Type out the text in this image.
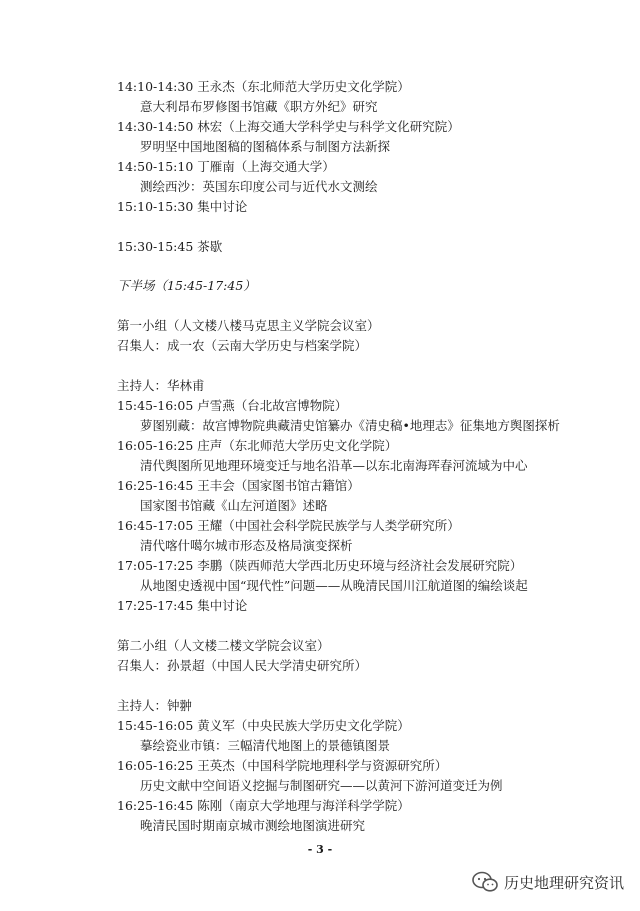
14:10-14:30 王永杰（东北师范大学历史文化学院）
意大利昂布罗修图书馆藏《职方外纪》研究
14:30-14:50 林宏（上海交通大学科学史与科学文化研究院）
罗明坚中国地图稿的图稿体系与制图方法新探
14:50-15:10 丁雁南（上海交通大学）
测绘西沙：英国东印度公司与近代水文测绘
15:10-15:30 集中讨论
15:30-15:45 茶歇
下半场（15:45-17:45）
第一小组（人文楼八楼马克思主义学院会议室）
召集人：成一农（云南大学历史与档案学院）
主持人：华林甫
15:45-16:05 卢雪燕（台北故宫博物院）
萝图别藏：故宫博物院典藏清史馆纂办《清史稿•地理志》征集地方舆图探析
16:05-16:25 庄声（东北师范大学历史文化学院）
清代舆图所见地理环境变迁与地名沿革—以东北南海珲春河流域为中心
16:25-16:45 王丰会（国家图书馆古籍馆）
国家图书馆藏《山左河道图》述略
16:45-17:05 王耀（中国社会科学院民族学与人类学研究所）
清代喀什噶尔城市形态及格局演变探析
17:05-17:25 李鹏（陕西师范大学西北历史环境与经济社会发展研究院）
从地图史透视中国“现代性”问题——从晚清民国川江航道图的编绘谈起
17:25-17:45 集中讨论
第二小组（人文楼二楼文学院会议室）
召集人：孙景超（中国人民大学清史研究所）
主持人：钟翀
15:45-16:05 黄义军（中央民族大学历史文化学院）
摹绘瓷业市镇：三幅清代地图上的景德镇图景
16:05-16:25 王英杰（中国科学院地理科学与资源研究所）
历史文献中空间语义挖掘与制图研究——以黄河下游河道变迁为例
16:25-16:45 陈刚（南京大学地理与海洋科学学院）
晚清民国时期南京城市测绘地图演进研究
- 3 -
历史地理研究资讯
